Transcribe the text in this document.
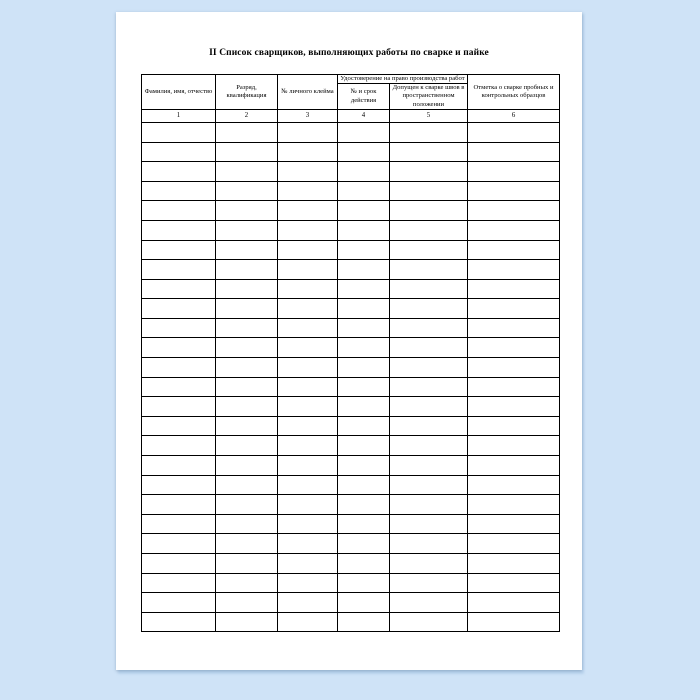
II Список сварщиков, выполняющих работы по сварке и пайке
Фамилия, имя, отчество	Разряд, квалификация	№ личного клейма	Удостоверение на право производства работ		Отметка о сварке пробных и контрольных образцов
			№ и срок действия	Допущен к сварке швов в пространственном положении	
1	2	3	4	5	6
